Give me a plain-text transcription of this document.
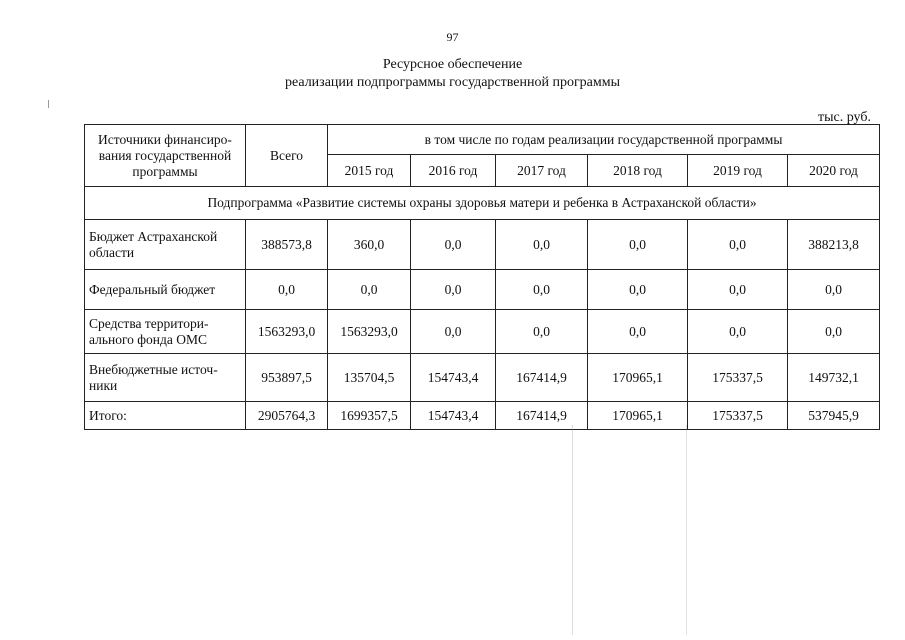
97
Ресурсное обеспечение
реализации подпрограммы государственной программы
тыс. руб.
Источники финансиро-вания государственной программы	Всего	в том числе по годам реализации государственной программы					
		2015 год	2016 год	2017 год	2018 год	2019 год	2020 год
Подпрограмма «Развитие системы охраны здоровья матери и ребенка в Астраханской области»							
Бюджет Астраханской области	388573,8	360,0	0,0	0,0	0,0	0,0	388213,8
Федеральный бюджет	0,0	0,0	0,0	0,0	0,0	0,0	0,0
Средства территори-ального фонда ОМС	1563293,0	1563293,0	0,0	0,0	0,0	0,0	0,0
Внебюджетные источ-ники	953897,5	135704,5	154743,4	167414,9	170965,1	175337,5	149732,1
Итого:	2905764,3	1699357,5	154743,4	167414,9	170965,1	175337,5	537945,9
